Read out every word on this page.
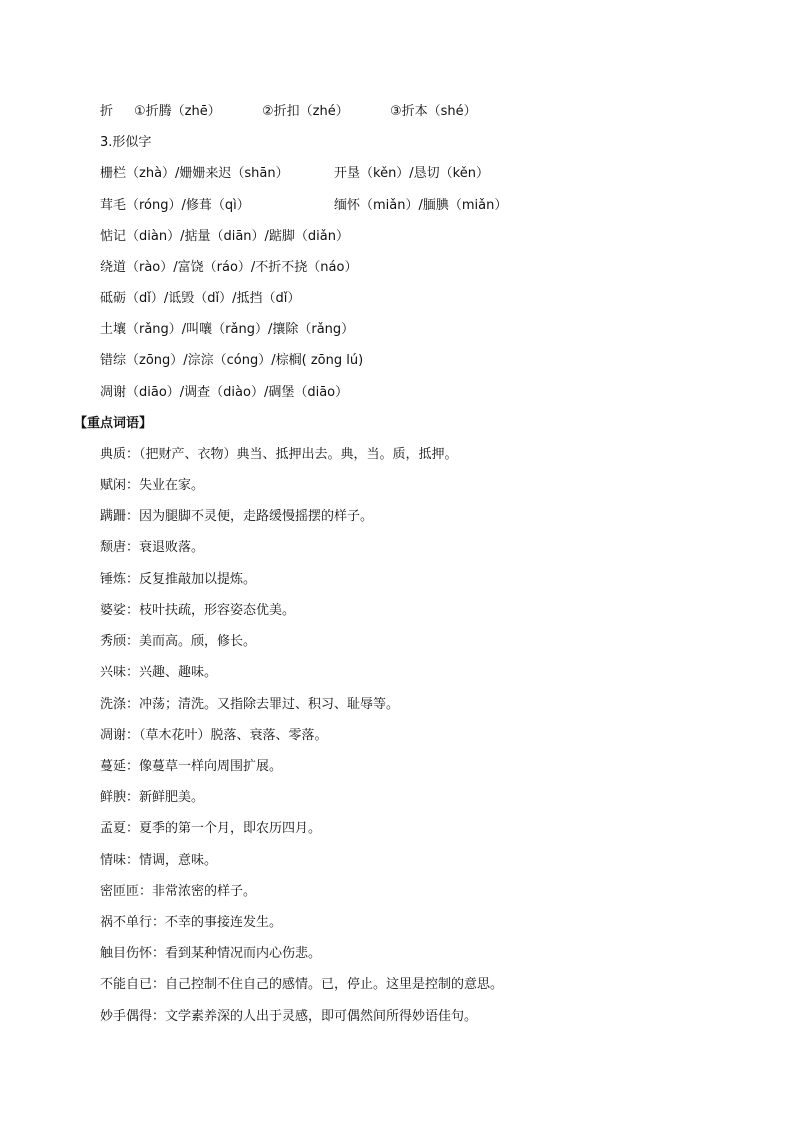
折 ①折腾（zhē）	②折扣（zhé）	③折本（shé）
3.形似字
栅栏（zhà）/姗姗来迟（shān）	开垦（kěn）/恳切（kěn）
茸毛（róng）/修葺（qì）	缅怀（miǎn）/腼腆（miǎn）
惦记（diàn）/掂量（diān）/踮脚（diǎn）
绕道（rào）/富饶（ráo）/不折不挠（náo）
砥砺（dǐ）/诋毁（dǐ）/抵挡（dǐ）
土壤（rǎng）/叫嚷（rǎng）/攘除（rǎng）
错综（zōng）/淙淙（cóng）/棕榈( zōng lú)
凋谢（diāo）/调查（diào）/碉堡（diāo）
【重点词语】
典质：（把财产、衣物）典当、抵押出去。典，当。质，抵押。
赋闲：失业在家。
蹒跚：因为腿脚不灵便，走路缓慢摇摆的样子。
颓唐：衰退败落。
锤炼：反复推敲加以提炼。
婆娑：枝叶扶疏，形容姿态优美。
秀颀：美而高。颀，修长。
兴味：兴趣、趣味。
洗涤：冲荡；清洗。又指除去罪过、积习、耻辱等。
凋谢：（草木花叶）脱落、衰落、零落。
蔓延：像蔓草一样向周围扩展。
鲜腴：新鲜肥美。
孟夏：夏季的第一个月，即农历四月。
情味：情调，意味。
密匝匝：非常浓密的样子。
祸不单行：不幸的事接连发生。
触目伤怀：看到某种情况而内心伤悲。
不能自已：自己控制不住自己的感情。已，停止。这里是控制的意思。
妙手偶得：文学素养深的人出于灵感，即可偶然间所得妙语佳句。
